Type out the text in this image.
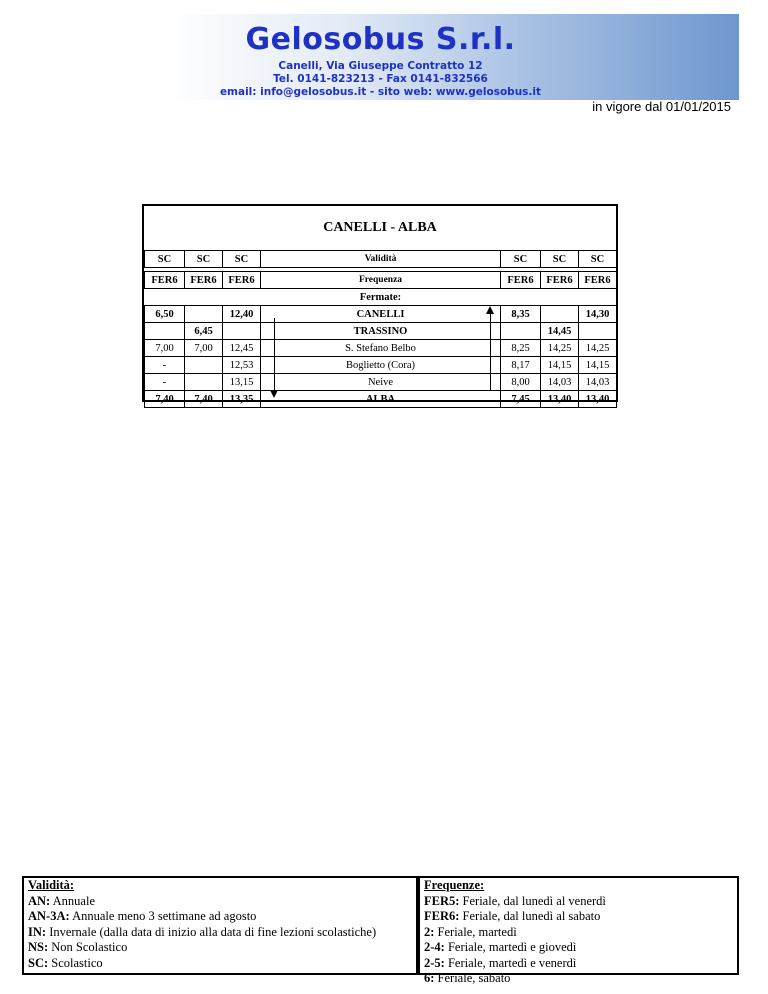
Gelosobus S.r.l.
Canelli, Via Giuseppe Contratto 12
Tel. 0141-823213 - Fax 0141-832566
email: info@gelosobus.it - sito web: www.gelosobus.it
in vigore dal 01/01/2015
CANELLI - ALBA
SC	SC	SC	Validità	SC	SC	SC

FER6	FER6	FER6	Frequenza	FER6	FER6	FER6
Fermate:						
6,50		12,40	CANELLI	8,35		14,30
	6,45		TRASSINO		14,45	
7,00	7,00	12,45	S. Stefano Belbo	8,25	14,25	14,25
-		12,53	Boglietto (Cora)	8,17	14,15	14,15
-		13,15	Neive	8,00	14,03	14,03
7,40	7,40	13,35	ALBA	7,45	13,40	13,40
Validità:
AN: Annuale
AN-3A: Annuale meno 3 settimane ad agosto
IN: Invernale (dalla data di inizio alla data di fine lezioni scolastiche)
NS: Non Scolastico
SC: Scolastico
Frequenze:
FER5: Feriale, dal lunedì al venerdì
FER6: Feriale, dal lunedì al sabato
2: Feriale, martedì
2-4: Feriale, martedì e giovedì
2-5: Feriale, martedì e venerdì
6: Feriale, sabato
